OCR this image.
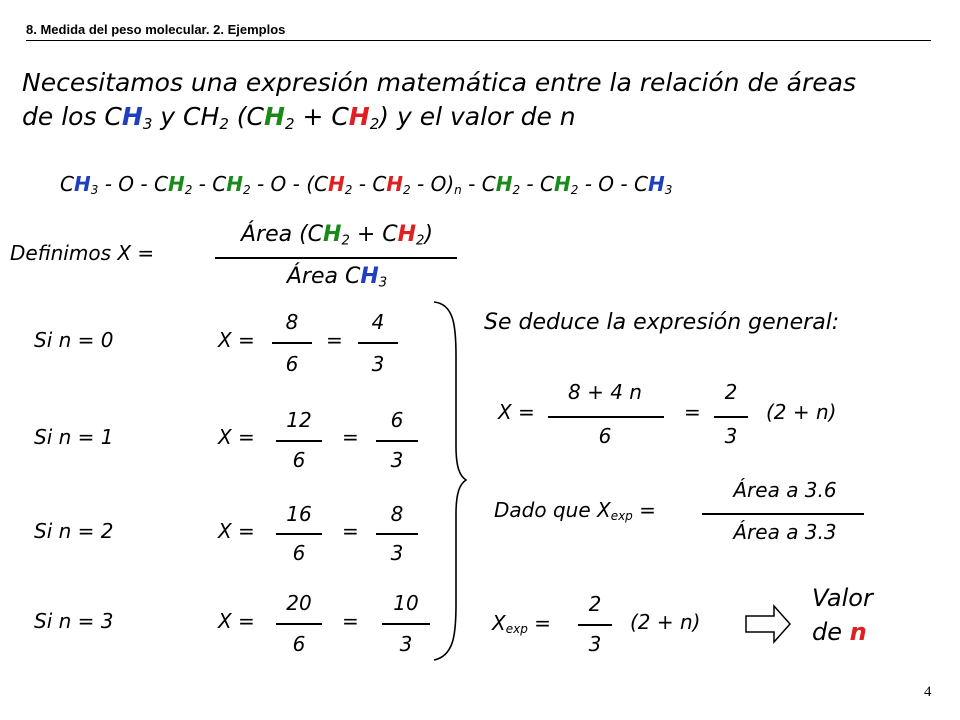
8. Medida del peso molecular. 2. Ejemplos
Necesitamos una expresión matemática entre la relación de áreas
de los $CH_3$ y $CH_2$ $(CH_2 + CH_2)$ y el valor de n
$CH_3$ - O - $CH_2 - CH_2$ - O - $(CH_2 - CH_2 - O)_n - CH_2 - CH_2$ - O - $CH_3$
Definimos X =
Área $(CH_2 + CH_2)$
Área $CH_3$
Si n = 0	X =
8
6
=
4
3
Si n = 1	X =
12
6
=
6
3
Si n = 2	X =
16
6
=
8
3
Si n = 3	X =
20
6
=
10
3
Se deduce la expresión general:
X =
8 + 4 n
6
=
2
3
(2 + n)
Dado que $X_{exp}$ =
Área a 3.6
Área a 3.3
$X_{exp}$ =
2
3
(2 + n)
Valor
de n
4
